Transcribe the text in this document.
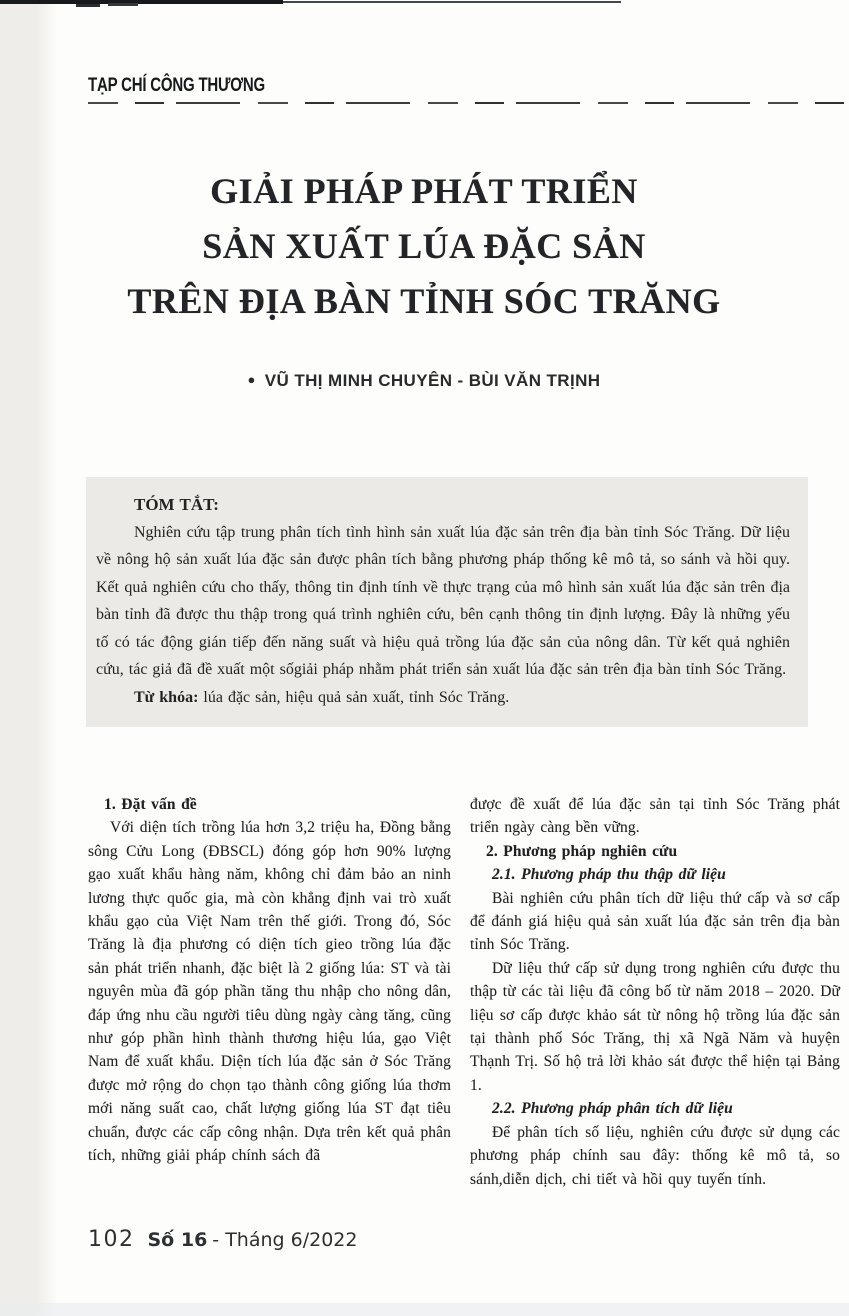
TẠP CHÍ CÔNG THƯƠNG
GIẢI PHÁP PHÁT TRIỂN
SẢN XUẤT LÚA ĐẶC SẢN
TRÊN ĐỊA BÀN TỈNH SÓC TRĂNG
● VŨ THỊ MINH CHUYÊN - BÙI VĂN TRỊNH
TÓM TẮT:
Nghiên cứu tập trung phân tích tình hình sản xuất lúa đặc sản trên địa bàn tỉnh Sóc Trăng. Dữ liệu về nông hộ sản xuất lúa đặc sản được phân tích bằng phương pháp thống kê mô tả, so sánh và hồi quy. Kết quả nghiên cứu cho thấy, thông tin định tính về thực trạng của mô hình sản xuất lúa đặc sản trên địa bàn tỉnh đã được thu thập trong quá trình nghiên cứu, bên cạnh thông tin định lượng. Đây là những yếu tố có tác động gián tiếp đến năng suất và hiệu quả trồng lúa đặc sản của nông dân. Từ kết quả nghiên cứu, tác giả đã đề xuất một sốgiải pháp nhằm phát triển sản xuất lúa đặc sản trên địa bàn tỉnh Sóc Trăng.
Từ khóa: lúa đặc sản, hiệu quả sản xuất, tỉnh Sóc Trăng.
1. Đặt vấn đề
Với diện tích trồng lúa hơn 3,2 triệu ha, Đồng bằng sông Cửu Long (ĐBSCL) đóng góp hơn 90% lượng gạo xuất khẩu hàng năm, không chỉ đảm bảo an ninh lương thực quốc gia, mà còn khẳng định vai trò xuất khẩu gạo của Việt Nam trên thế giới. Trong đó, Sóc Trăng là địa phương có diện tích gieo trồng lúa đặc sản phát triển nhanh, đặc biệt là 2 giống lúa: ST và tài nguyên mùa đã góp phần tăng thu nhập cho nông dân, đáp ứng nhu cầu người tiêu dùng ngày càng tăng, cũng như góp phần hình thành thương hiệu lúa, gạo Việt Nam để xuất khẩu. Diện tích lúa đặc sản ở Sóc Trăng được mở rộng do chọn tạo thành công giống lúa thơm mới năng suất cao, chất lượng giống lúa ST đạt tiêu chuẩn, được các cấp công nhận. Dựa trên kết quả phân tích, những giải pháp chính sách đã
được đề xuất để lúa đặc sản tại tỉnh Sóc Trăng phát triển ngày càng bền vững.
2. Phương pháp nghiên cứu
2.1. Phương pháp thu thập dữ liệu
Bài nghiên cứu phân tích dữ liệu thứ cấp và sơ cấp để đánh giá hiệu quả sản xuất lúa đặc sản trên địa bàn tỉnh Sóc Trăng.
Dữ liệu thứ cấp sử dụng trong nghiên cứu được thu thập từ các tài liệu đã công bố từ năm 2018 – 2020. Dữ liệu sơ cấp được khảo sát từ nông hộ trồng lúa đặc sản tại thành phố Sóc Trăng, thị xã Ngã Năm và huyện Thạnh Trị. Số hộ trả lời khảo sát được thể hiện tại Bảng 1.
2.2. Phương pháp phân tích dữ liệu
Để phân tích số liệu, nghiên cứu được sử dụng các phương pháp chính sau đây: thống kê mô tả, so sánh,diễn dịch, chi tiết và hồi quy tuyến tính.
102 Số 16 - Tháng 6/2022
